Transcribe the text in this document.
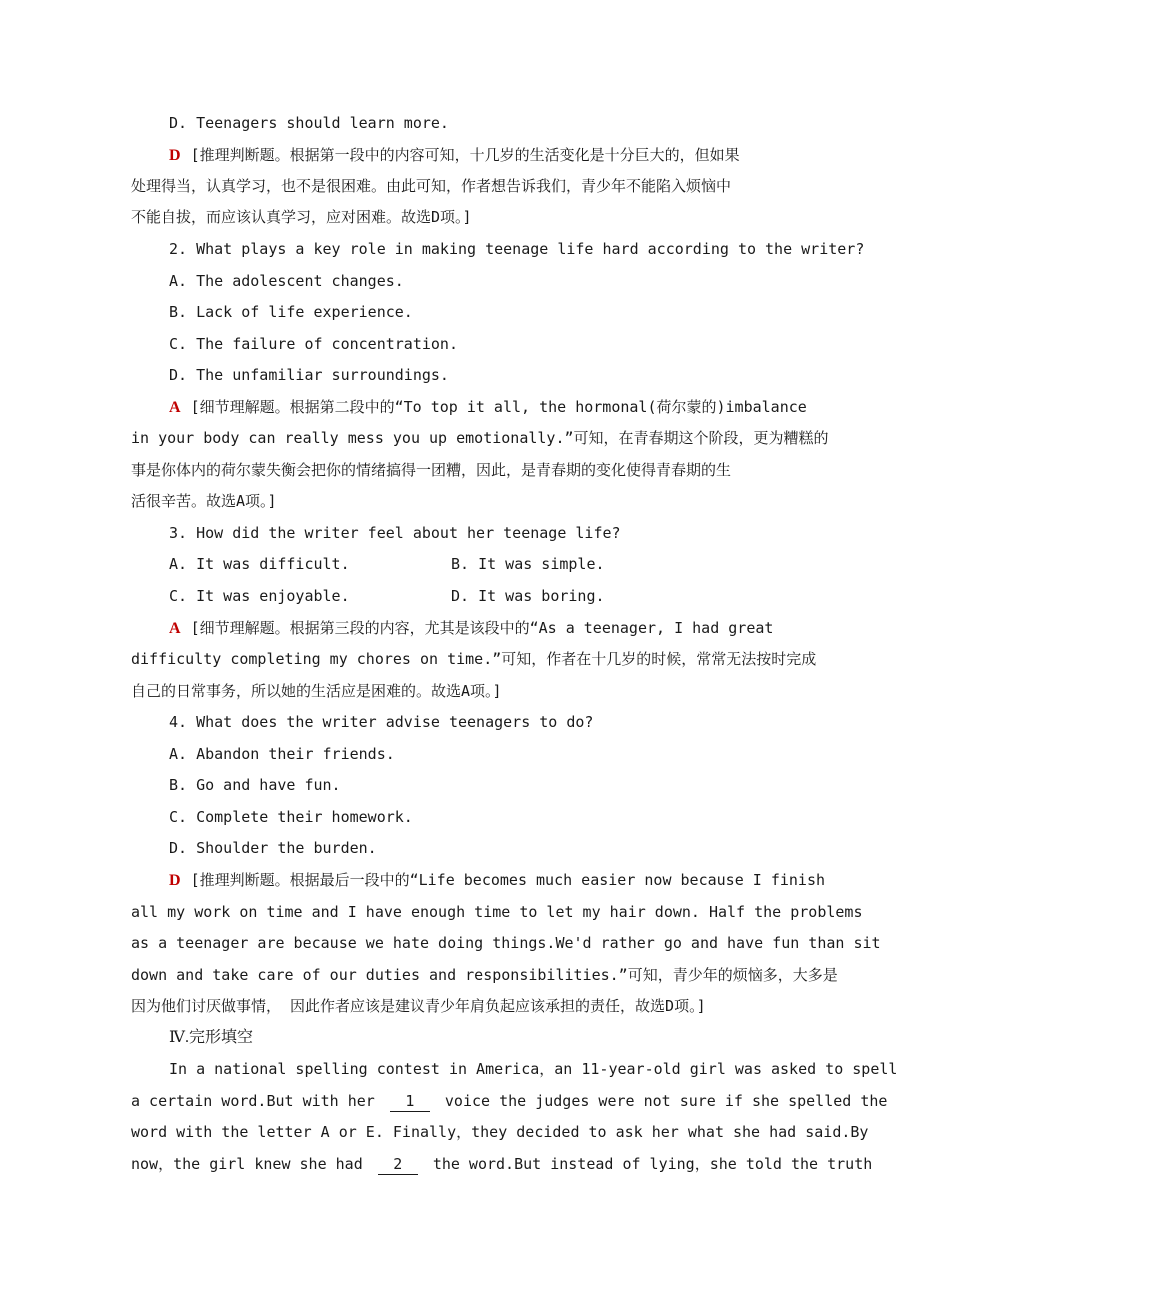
D. Teenagers should learn more.
D [推理判断题。根据第一段中的内容可知，十几岁的生活变化是十分巨大的，但如果
处理得当，认真学习，也不是很困难。由此可知，作者想告诉我们，青少年不能陷入烦恼中
不能自拔，而应该认真学习，应对困难。故选D项。]
2. What plays a key role in making teenage life hard according to the writer?
A. The adolescent changes.
B. Lack of life experience.
C. The failure of concentration.
D. The unfamiliar surroundings.
A [细节理解题。根据第二段中的“To top it all, the hormonal(荷尔蒙的)imbalance
in your body can really mess you up emotionally.”可知，在青春期这个阶段，更为糟糕的
事是你体内的荷尔蒙失衡会把你的情绪搞得一团糟，因此，是青春期的变化使得青春期的生
活很辛苦。故选A项。]
3. How did the writer feel about her teenage life?
A. It was difficult.	B. It was simple.
C. It was enjoyable.	D. It was boring.
A [细节理解题。根据第三段的内容，尤其是该段中的“As a teenager, I had great
difficulty completing my chores on time.”可知，作者在十几岁的时候，常常无法按时完成
自己的日常事务，所以她的生活应是困难的。故选A项。]
4. What does the writer advise teenagers to do?
A. Abandon their friends.
B. Go and have fun.
C. Complete their homework.
D. Shoulder the burden.
D [推理判断题。根据最后一段中的“Life becomes much easier now because I finish
all my work on time and I have enough time to let my hair down. Half the problems
as a teenager are because we hate doing things.We'd rather go and have fun than sit
down and take care of our duties and responsibilities.”可知，青少年的烦恼多，大多是
因为他们讨厌做事情， 因此作者应该是建议青少年肩负起应该承担的责任，故选D项。]
Ⅳ.完形填空
In a national spelling contest in America，an 11-year-old girl was asked to spell
a certain word.But with her 1 voice the judges were not sure if she spelled the
word with the letter A or E. Finally，they decided to ask her what she had said.By
now，the girl knew she had 2 the word.But instead of lying，she told the truth
